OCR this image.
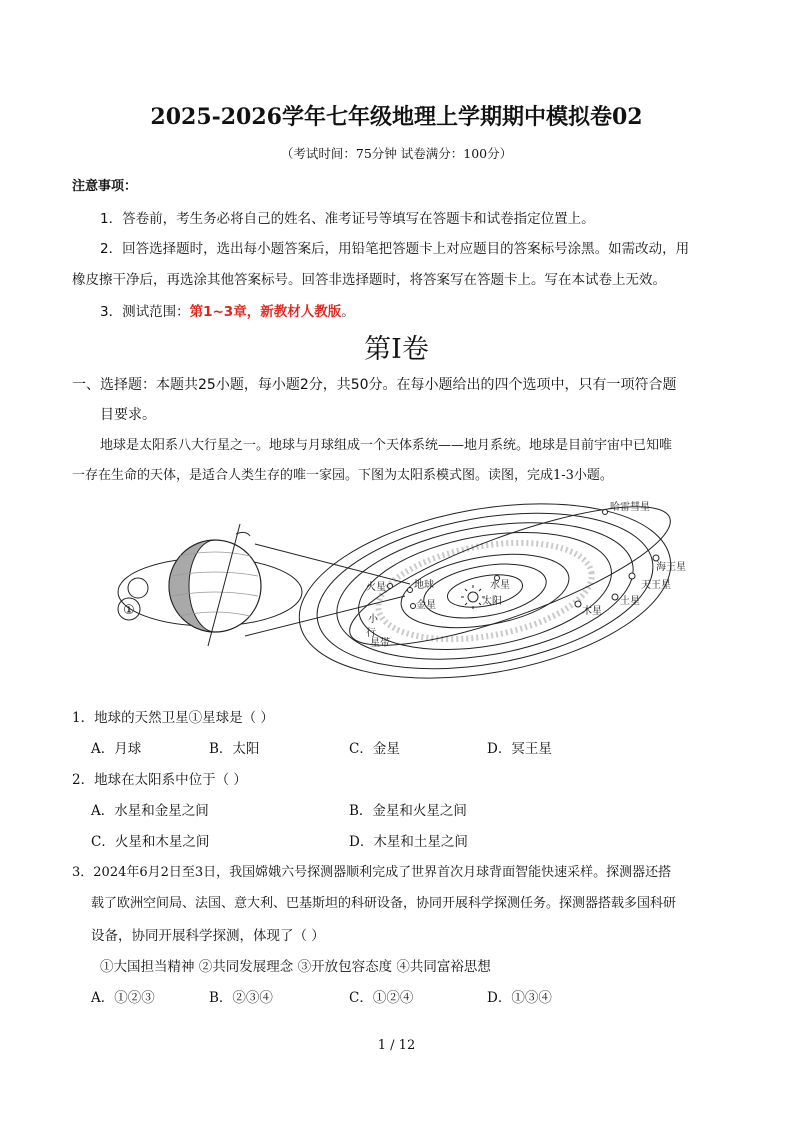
2025-2026学年七年级地理上学期期中模拟卷02
（考试时间：75分钟 试卷满分：100分）
注意事项：
1．答卷前，考生务必将自己的姓名、准考证号等填写在答题卡和试卷指定位置上。
2．回答选择题时，选出每小题答案后，用铅笔把答题卡上对应题目的答案标号涂黑。如需改动，用
橡皮擦干净后，再选涂其他答案标号。回答非选择题时，将答案写在答题卡上。写在本试卷上无效。
3．测试范围：第1~3章，新教材人教版。
第I卷
一、选择题：本题共25小题，每小题2分，共50分。在每小题给出的四个选项中，只有一项符合题
目要求。
地球是太阳系八大行星之一。地球与月球组成一个天体系统——地月系统。地球是目前宇宙中已知唯
一存在生命的天体，是适合人类生存的唯一家园。下图为太阳系模式图。读图，完成1-3小题。
①
哈雷彗星
海王星
天王星
土星
木星
水星
太阳
金星
地球
火星
小
行
星带
1．地球的天然卫星①星球是（ ）
A．月球	B．太阳	C．金星	D．冥王星
2．地球在太阳系中位于（ ）
A．水星和金星之间	B．金星和火星之间
C．火星和木星之间	D．木星和土星之间
3．2024年6月2日至3日，我国嫦娥六号探测器顺利完成了世界首次月球背面智能快速采样。探测器还搭
载了欧洲空间局、法国、意大利、巴基斯坦的科研设备，协同开展科学探测任务。探测器搭载多国科研
设备，协同开展科学探测，体现了（ ）
①大国担当精神 ②共同发展理念 ③开放包容态度 ④共同富裕思想
A．①②③	B．②③④	C．①②④	D．①③④
1 / 12
